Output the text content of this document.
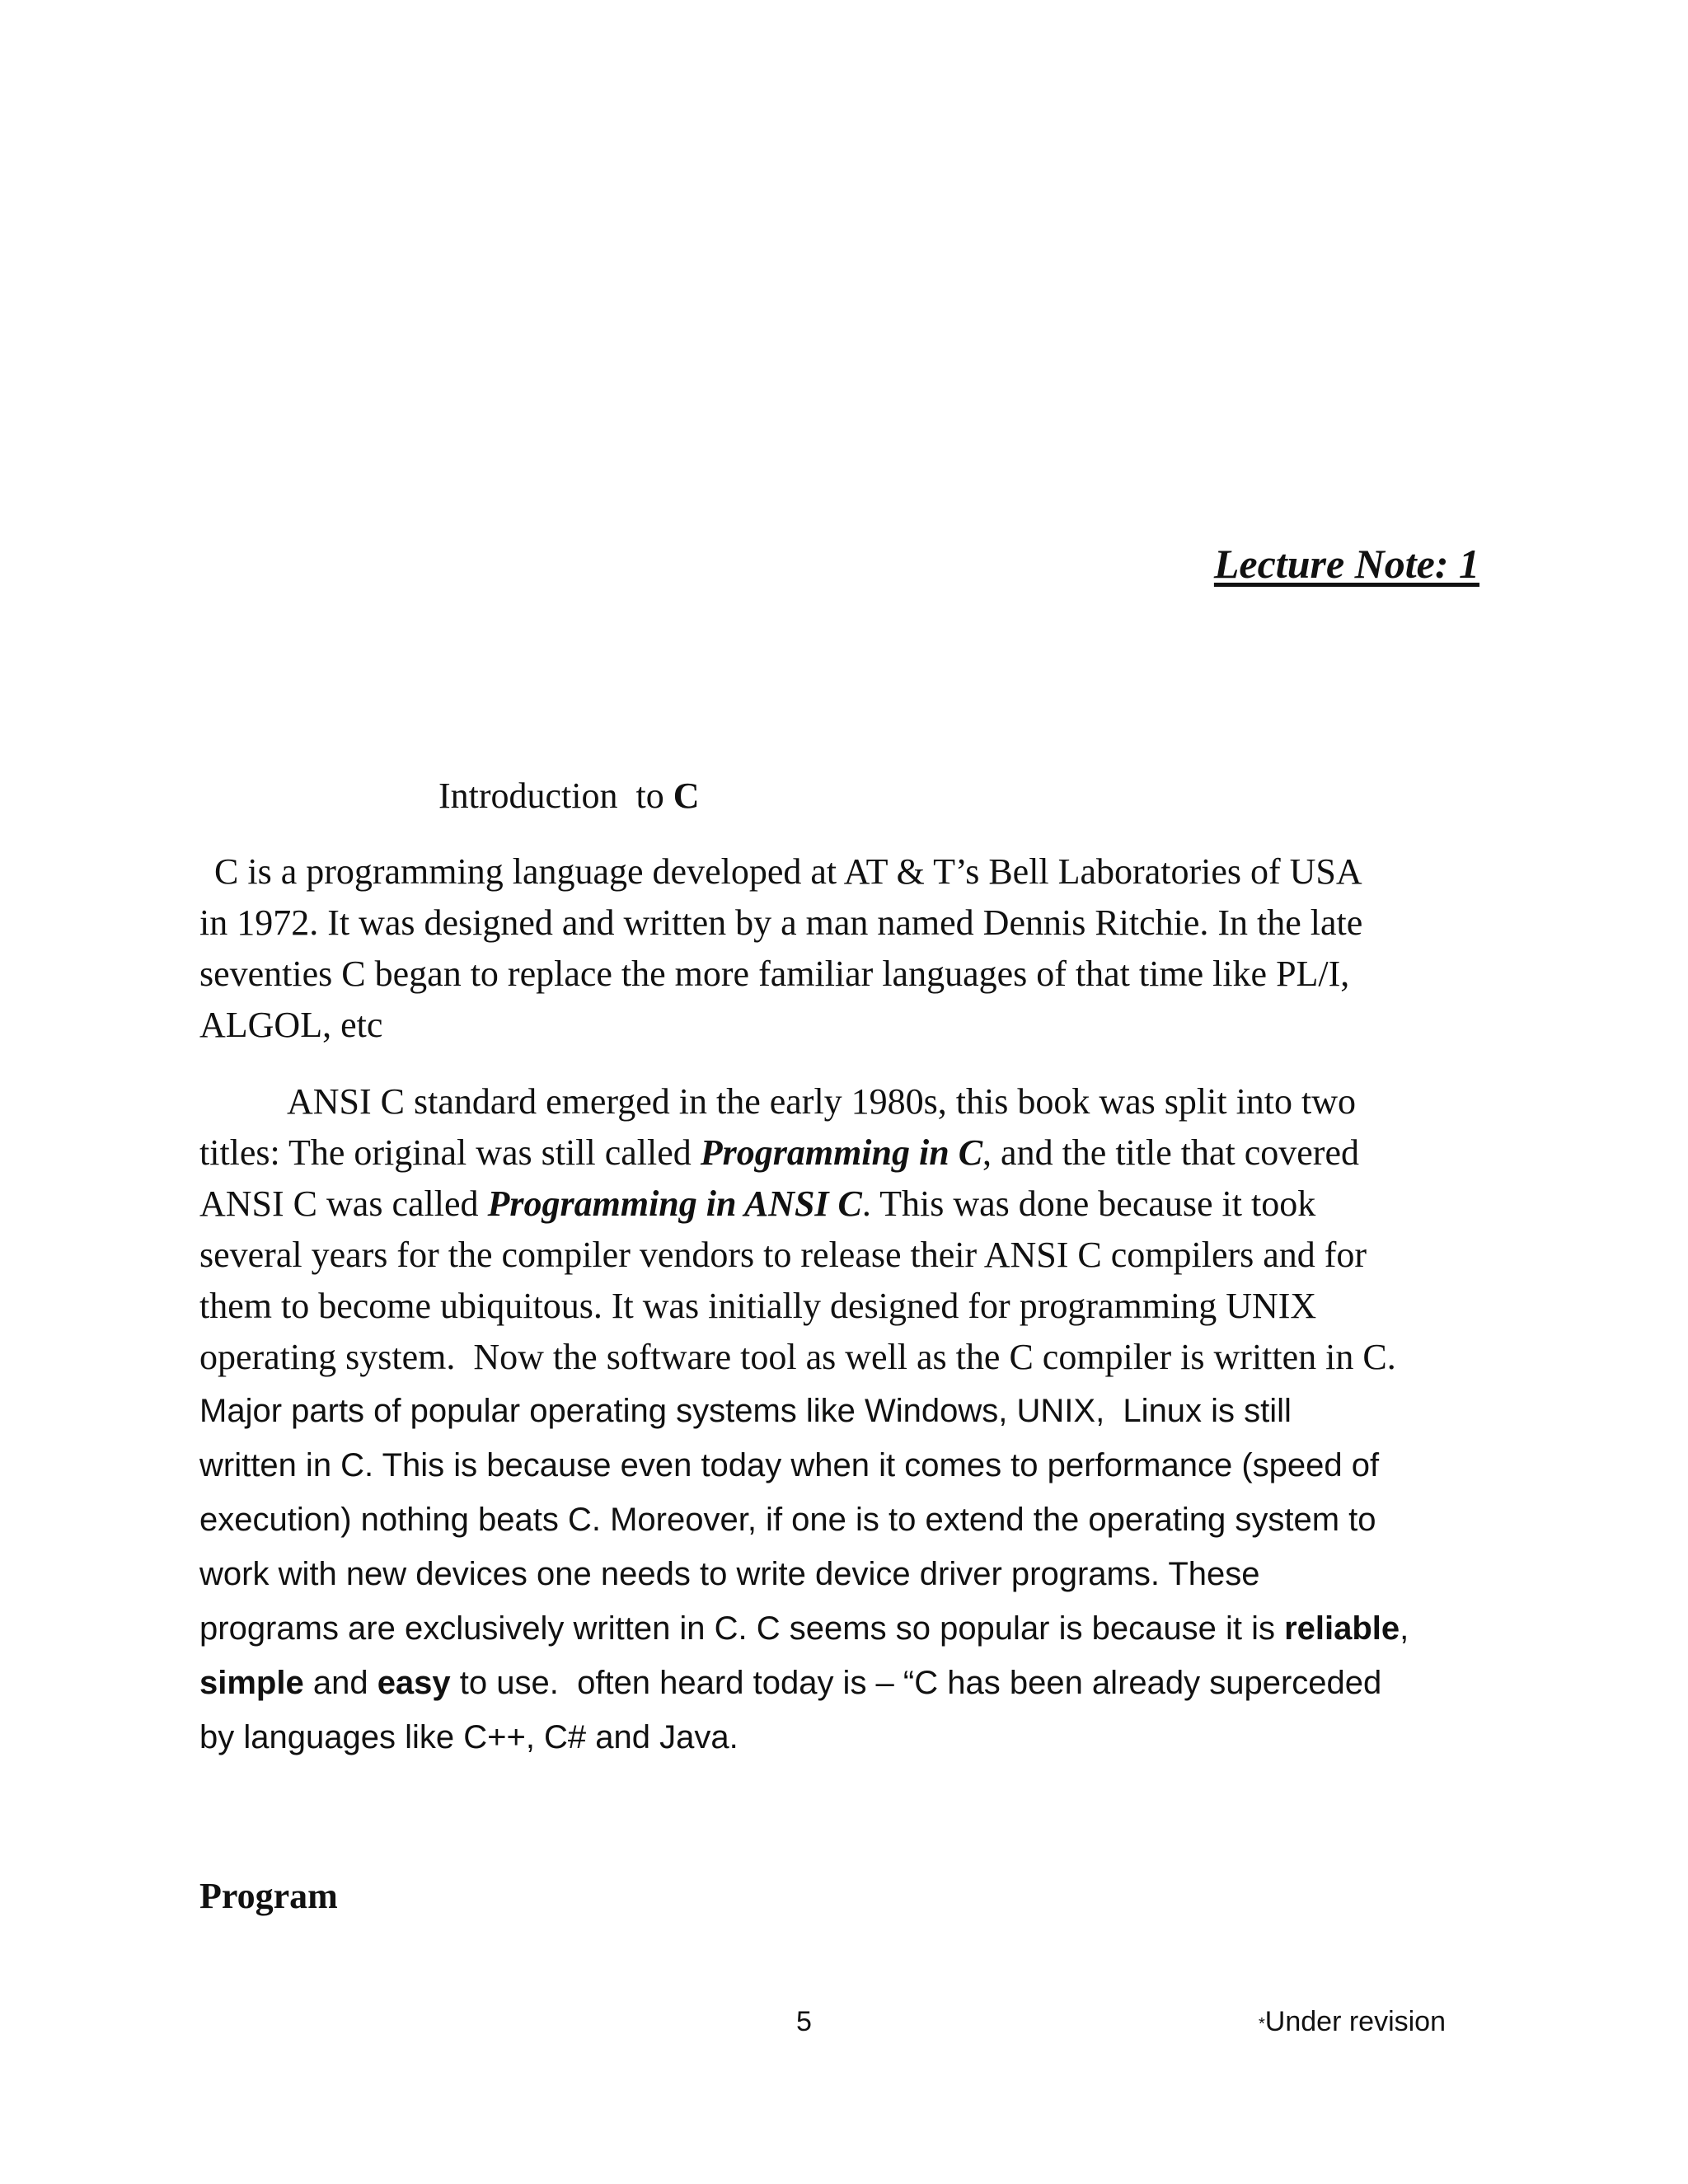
Lecture Note: 1
Introduction  to C
C is a programming language developed at AT & T’s Bell Laboratories of USA
in 1972. It was designed and written by a man named Dennis Ritchie. In the late
seventies C began to replace the more familiar languages of that time like PL/I,
ALGOL, etc
ANSI C standard emerged in the early 1980s, this book was split into two
titles: The original was still called Programming in C, and the title that covered
ANSI C was called Programming in ANSI C. This was done because it took
several years for the compiler vendors to release their ANSI C compilers and for
them to become ubiquitous. It was initially designed for programming UNIX
operating system.  Now the software tool as well as the C compiler is written in C.
Major parts of popular operating systems like Windows, UNIX,  Linux is still
written in C. This is because even today when it comes to performance (speed of
execution) nothing beats C. Moreover, if one is to extend the operating system to
work with new devices one needs to write device driver programs. These
programs are exclusively written in C. C seems so popular is because it is reliable,
simple and easy to use.  often heard today is – “C has been already superceded
by languages like C++, C# and Java.
Program
5	*Under revision
